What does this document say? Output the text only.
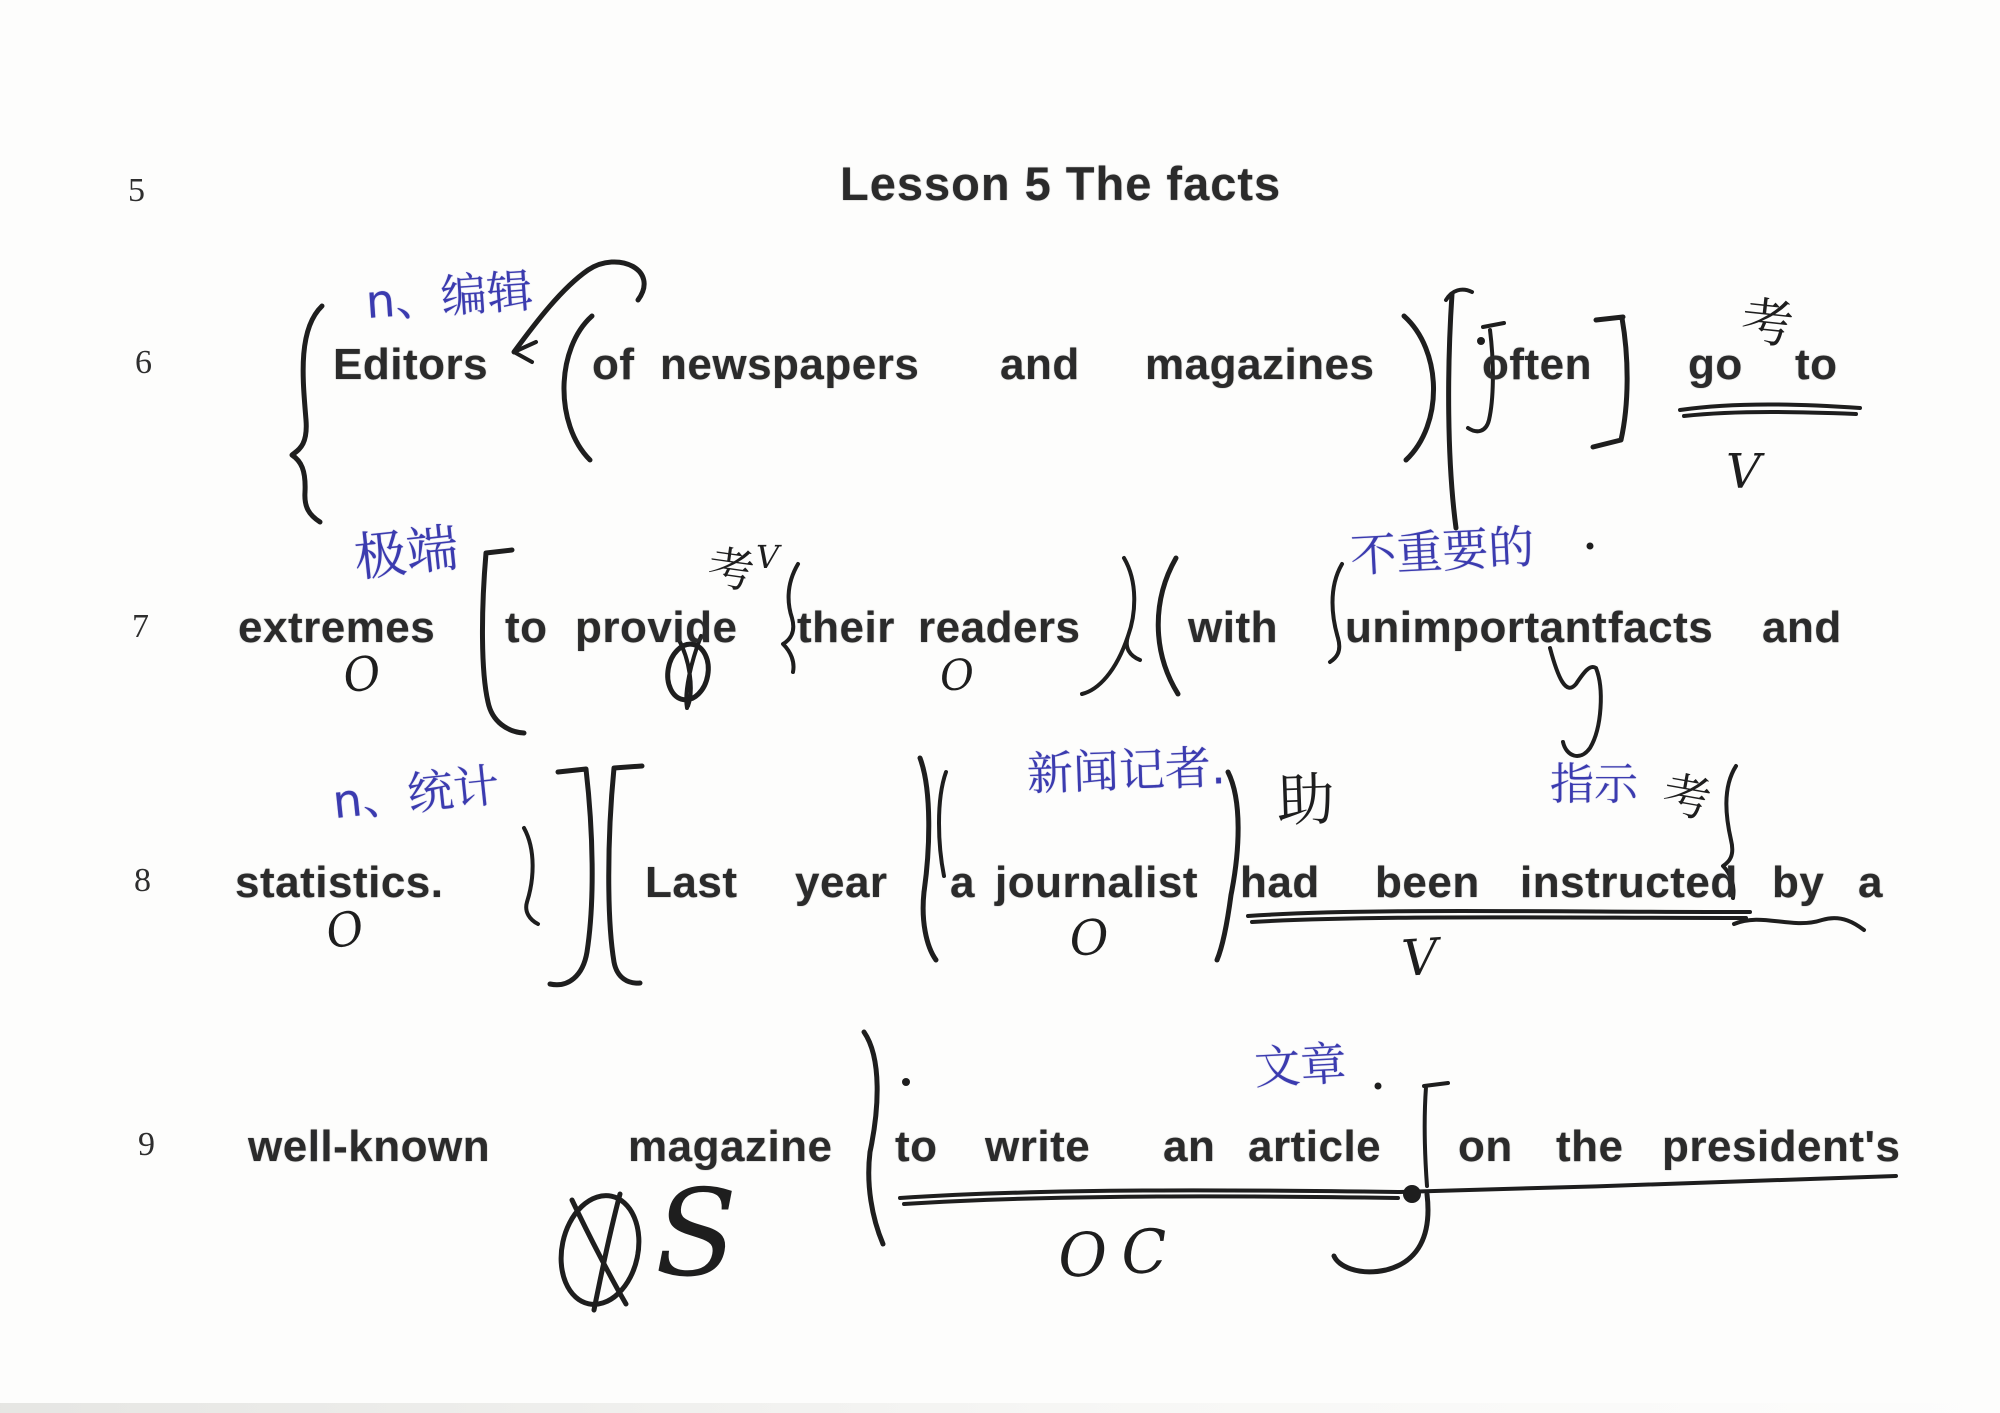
5	Lesson 5 The facts
6	Editors of newspapers and magazines often go to
n、编辑	考
V
7 extremes to provide their readers with unimportant facts and
极端	不重要的
考
V
O	O
8 statistics.	Last year a journalist had been instructed by a
n、统计	新闻记者.	指示
助	考
O	O	V
9 well-known	magazine to write an article on the president's
文章
S	OC
